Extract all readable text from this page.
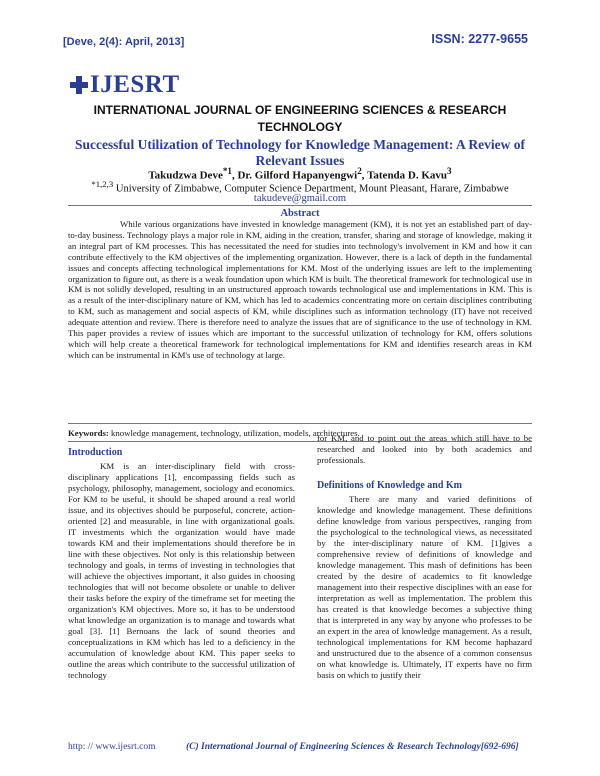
[Deve, 2(4): April, 2013]	ISSN: 2277-9655
IJESRT
INTERNATIONAL JOURNAL OF ENGINEERING SCIENCES & RESEARCH
TECHNOLOGY
Successful Utilization of Technology for Knowledge Management: A Review of
Relevant Issues
Takudzwa Deve$^{*1}$, Dr. Gilford Hapanyengwi$^2$, Tatenda D. Kavu$^3$
$^{*1,2,3}$ University of Zimbabwe, Computer Science Department, Mount Pleasant, Harare, Zimbabwe
takudeve@gmail.com
Abstract

While various organizations have invested in knowledge management (KM), it is not yet an established part of day-to-day business. Technology plays a major role in KM, aiding in the creation, transfer, sharing and storage of knowledge, making it an integral part of KM processes. This has necessitated the need for studies into technology's involvement in KM and how it can contribute effectively to the KM objectives of the implementing organization. However, there is a lack of depth in the fundamental issues and concepts affecting technological implementations for KM. Most of the underlying issues are left to the implementing organization to figure out, as there is a weak foundation upon which KM is built. The theoretical framework for technological use in KM is not solidly developed, resulting in an unstructured approach towards technological use and implementations in KM. This is as a result of the inter-disciplinary nature of KM, which has led to academics concentrating more on certain disciplines contributing to KM, such as management and social aspects of KM, while disciplines such as information technology (IT) have not received adequate attention and review. There is therefore need to analyze the issues that are of significance to the use of technology in KM. This paper provides a review of issues which are important to the successful utilization of technology for KM, offers solutions which will help create a theoretical framework for technological implementations for KM and identifies research areas in KM which can be instrumental in KM's use of technology at large.

Keywords: knowledge management, technology, utilization, models, architectures.
Introduction

KM is an inter-disciplinary field with cross-disciplinary applications [1], encompassing fields such as psychology, philosophy, management, sociology and economics. For KM to be useful, it should be shaped around a real world issue, and its objectives should be purposeful, concrete, action-oriented [2] and measurable, in line with organizational goals. IT investments which the organization would have made towards KM and their implementations should therefore be in line with these objectives. Not only is this relationship between technology and goals, in terms of investing in technologies that will achieve the objectives important, it also guides in choosing technologies that will not become obsolete or unable to deliver their tasks before the expiry of the timeframe set for meeting the organization's KM objectives. More so, it has to be understood what knowledge an organization is to manage and towards what goal [3]. [1] Bernoans the lack of sound theories and conceptualizations in KM which has led to a deficiency in the accumulation of knowledge about KM. This paper seeks to outline the areas which contribute to the successful utilization of technology

for KM, and to point out the areas which still have to be researched and looked into by both academics and professionals.

Definitions of Knowledge and Km

There are many and varied definitions of knowledge and knowledge management. These definitions define knowledge from various perspectives, ranging from the psychological to the technological views, as necessitated by the inter-disciplinary nature of KM. [1]gives a comprehensive review of definitions of knowledge and knowledge management. This mash of definitions has been created by the desire of academics to fit knowledge management into their respective disciplines with an ease for interpretation as well as implementation. The problem this has created is that knowledge becomes a subjective thing that is interpreted in any way by anyone who professes to be an expert in the area of knowledge management. As a result, technological implementations for KM become haphazard and unstructured due to the absence of a common consensus on what knowledge is. Ultimately, IT experts have no firm basis on which to justify their

http: // www.ijesrt.com	(C) International Journal of Engineering Sciences & Research Technology[692-696]
